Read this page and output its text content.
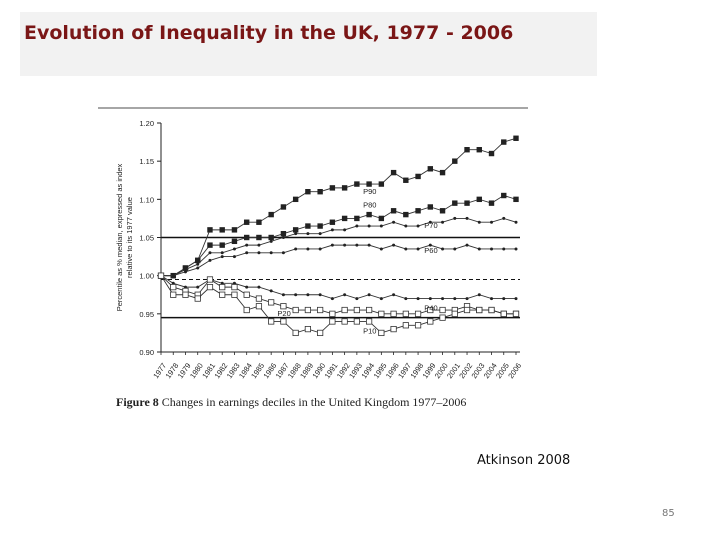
Evolution of Inequality in the UK, 1977 - 2006
0.90
0.95
1.00
1.05
1.10
1.15
1.20
1977
1978
1979
1980
1981
1982
1983
1984
1985
1986
1987
1988
1989
1990
1991
1992
1993
1994
1995
1996
1997
1998
1999
2000
2001
2002
2003
2004
2005
2006
Percentile as % median, expressed as index relative to its 1977 value
P90
P80
P70
P60
P40
P20
P10
Figure 8 Changes in earnings deciles in the United Kingdom 1977–2006
Atkinson 2008
85
